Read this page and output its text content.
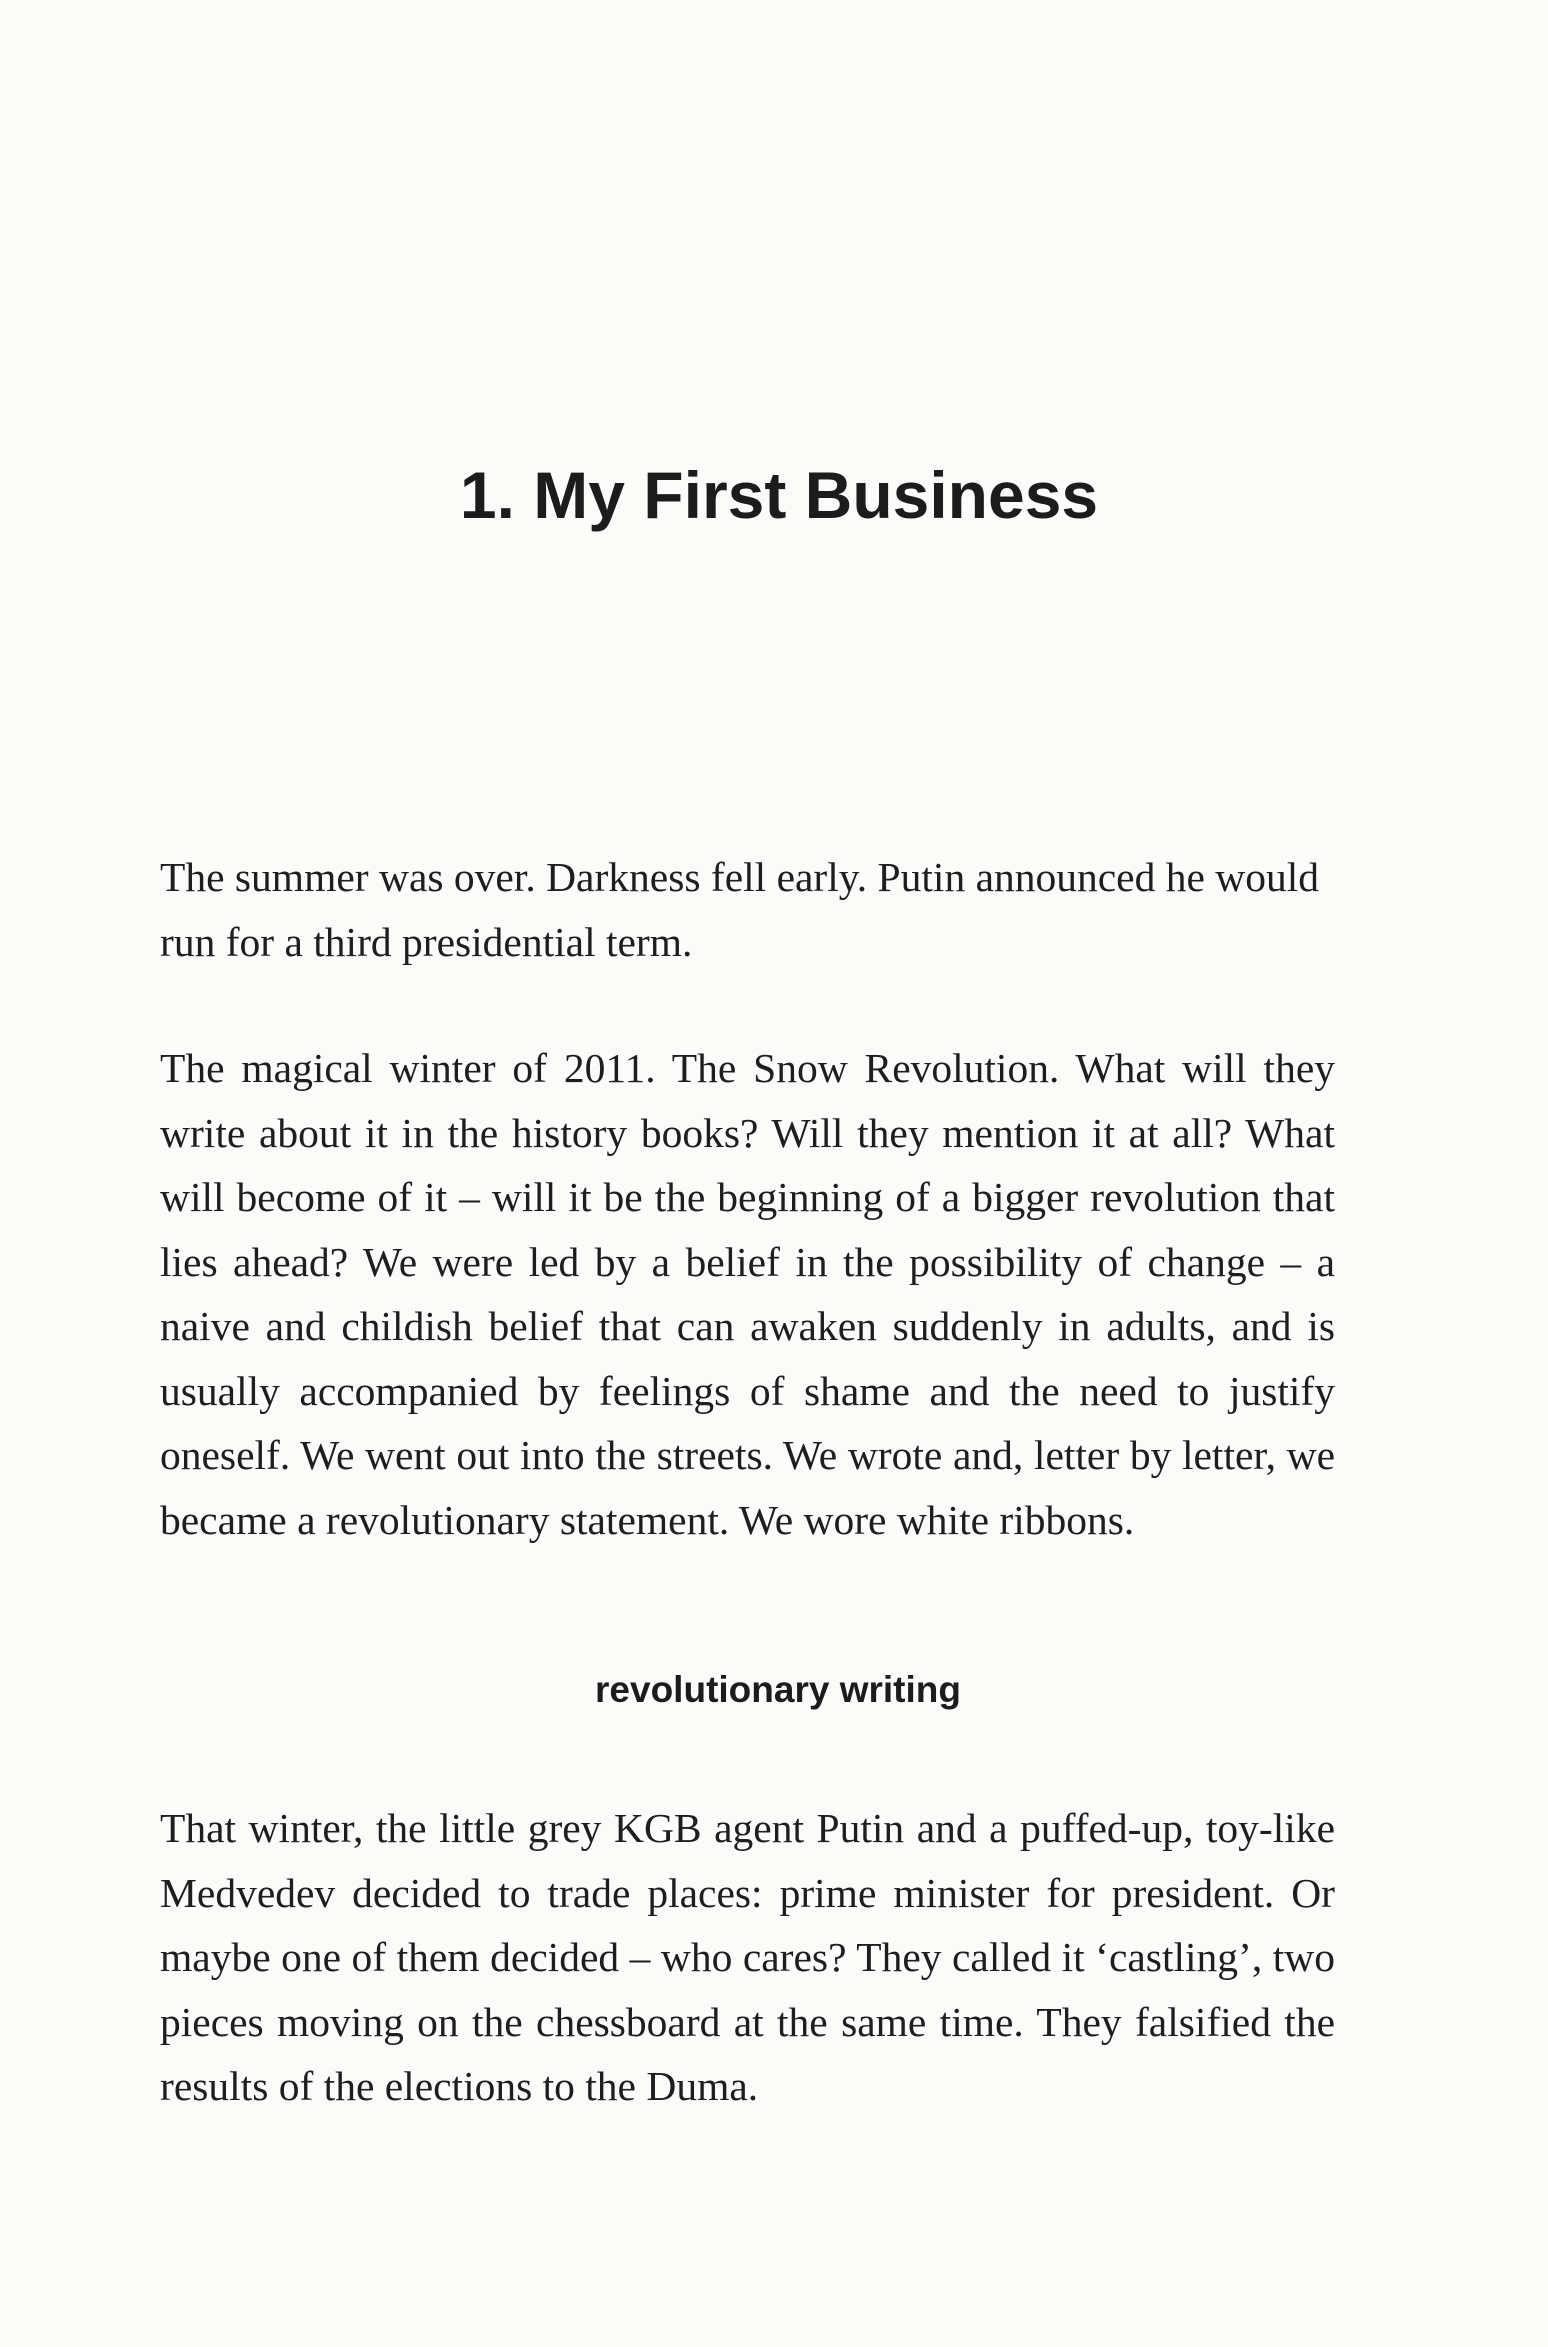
1. My First Business

The summer was over. Darkness fell early. Putin announced he would run for a third presidential term.

The magical winter of 2011. The Snow Revolution. What will they write about it in the history books? Will they mention it at all? What will become of it – will it be the beginning of a bigger revolution that lies ahead? We were led by a belief in the possibility of change – a naive and childish belief that can awaken suddenly in adults, and is usually accompanied by feelings of shame and the need to justify oneself. We went out into the streets. We wrote and, letter by letter, we became a revolutionary statement. We wore white ribbons.

revolutionary writing

That winter, the little grey KGB agent Putin and a puffed-up, toy-like Medvedev decided to trade places: prime minister for president. Or maybe one of them decided – who cares? They called it ‘castling’, two pieces moving on the chessboard at the same time. They falsified the results of the elections to the Duma.
